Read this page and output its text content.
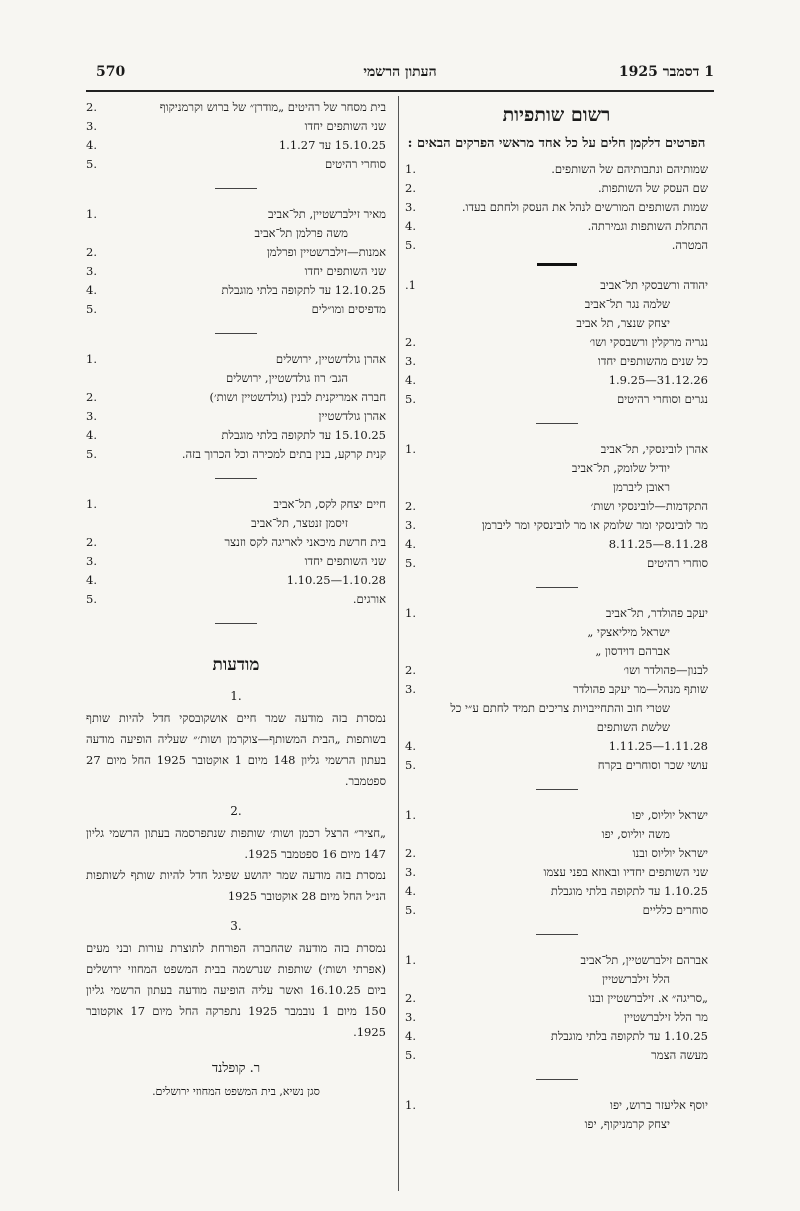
570	העתון הרשמי	1 דסמבר 1925
רשום שותפיות
הפרטים דלקמן חלים על כל אחד מראשי הפרקים הבאים :
שמותיהם ונתבותיהם של השותפים.
.1
שם העסק של השותפות.
.2
שמות השותפים המורשים לנהל את העסק ולחתם בעדו.
.3
התחלת השותפות וגמירתה.
.4
המטרה.
.5
יהודה ורשבסקי תל־אביב
1.
שלמה נגר תל־אביב
יצחק שנצר, תל אביב
נגריה מרקלין ורשבסקי ושו׳
.2
כל שנים מהשותפים יחדו
.3
31.12.26—1.9.25
.4
נגרים וסוחרי רהיטים
.5
אהרן לובינסקי, תל־אביב
.1
יודיל שלומק, תל־אביב
ראובן ליברמן
התקדמות—לובינסקי ושות׳
.2
מר לובינסקי ומר שלומק או מר לובינסקי ומר ליברמן
.3
8.11.28—8.11.25
.4
סוחרי רהיטים
.5
יעקב פהולדר, תל־אביב
.1
ישראל מיליאצקי „
אברהם דוידסון „
לבנון—פהולדר ושו׳
.2
שותף מנהל—מר יעקב פהולדר
.3
שטרי חוב והתחייבויות צריכים תמיד לחתם ע״י כל שלשת השותפים
1.11.28—1.11.25
.4
עושי שכר וסוחרים בקרח
.5
ישראל יוליוס, יפו
.1
משה יוליוס, יפו
ישראל יוליוס ובנו
.2
שני השותפים יחדיו ובאוזא בפני עצמו
.3
1.10.25 עד לתקופה בלתי מוגבלת
.4
סוחרים כלליים
.5
אברהם זילברשטיין, תל־אביב
.1
הלל זילברשטיין
„סריגה״ א. זילברשטיין ובנו
.2
מר הלל זילברשטיין
.3
1.10.25 עד לתקופה בלתי מוגבלת
.4
מעשה הצמר
.5
יוסף אליעזר ברוש, יפו
.1
יצחק קרמניקוף, יפו
בית מסחר של רהיטים „מודרן״ של ברוש וקרמניקוף
.2
שני השותפים יחדו
.3
15.10.25 עד 1.1.27
.4
סוחרי רהיטים
.5
מאיר זילברשטיין, תל־אביב
.1
משה פרלמן תל־אביב
אמנות—זילברשטיין ופרלמן
.2
שני השותפים יחדו
.3
12.10.25 עד לתקופה בלתי מוגבלת
.4
מדפיסים ומו״לים
.5
אהרן גולדשטיין, ירושלים
.1
הגב׳ רוז גולדשטיין, ירושלים
חברה אמריקנית לבנין (גולדשטיין ושות׳)
.2
אהרן גולדשטיין
.3
15.10.25 עד לתקופה בלתי מוגבלת
.4
קנית קרקע, בנין בתים למכירה וכל הכרוך בזה.
.5
חיים יצחק לקס, תל־אביב
.1
זיסמן זנטצר, תל־אביב
בית חרשת מיכאני לאריגה לקס וזנצר
.2
שני השותפים יחדו
.3
1.10.28—1.10.25
.4
אורגים.
.5
מודעות
.1

נמסרת בזה מודעה שמר חיים אושקובסקי חדל להיות שותף בשותפות „הבית המשותף—צוקרמן ושות׳״ שעליה הופיעה מודעה בעתון הרשמי גליון 148 מיום 1 אוקטובר 1925 החל מיום 27 ספטמבר.

.2

„חציר״ הרצל רכמן ושות׳ שותפות שנתפרסמה בעתון הרשמי גליון 147 מיום 16 ספטמבר 1925.

נמסרת בזה מודעה שמר יהושע שפיגל חדל להיות שותף לשותפות הנ״ל החל מיום 28 אוקטובר 1925

.3

נמסרת בזה מודעה שהחברה הפורחת לתוצרת עורות ובני מעים (אפרתי ושות׳) שותפות שנרשמה בבית המשפט המחוזי ירושלים ביום 16.10.25 ואשר עליה הופיעה מודעה בעתון הרשמי גליון 150 מיום 1 נובמבר 1925 נתפרקה החל מיום 17 אוקטובר 1925.

ר. קופלנד
סגן נשיא, בית המשפט המחוזי ירושלים.
